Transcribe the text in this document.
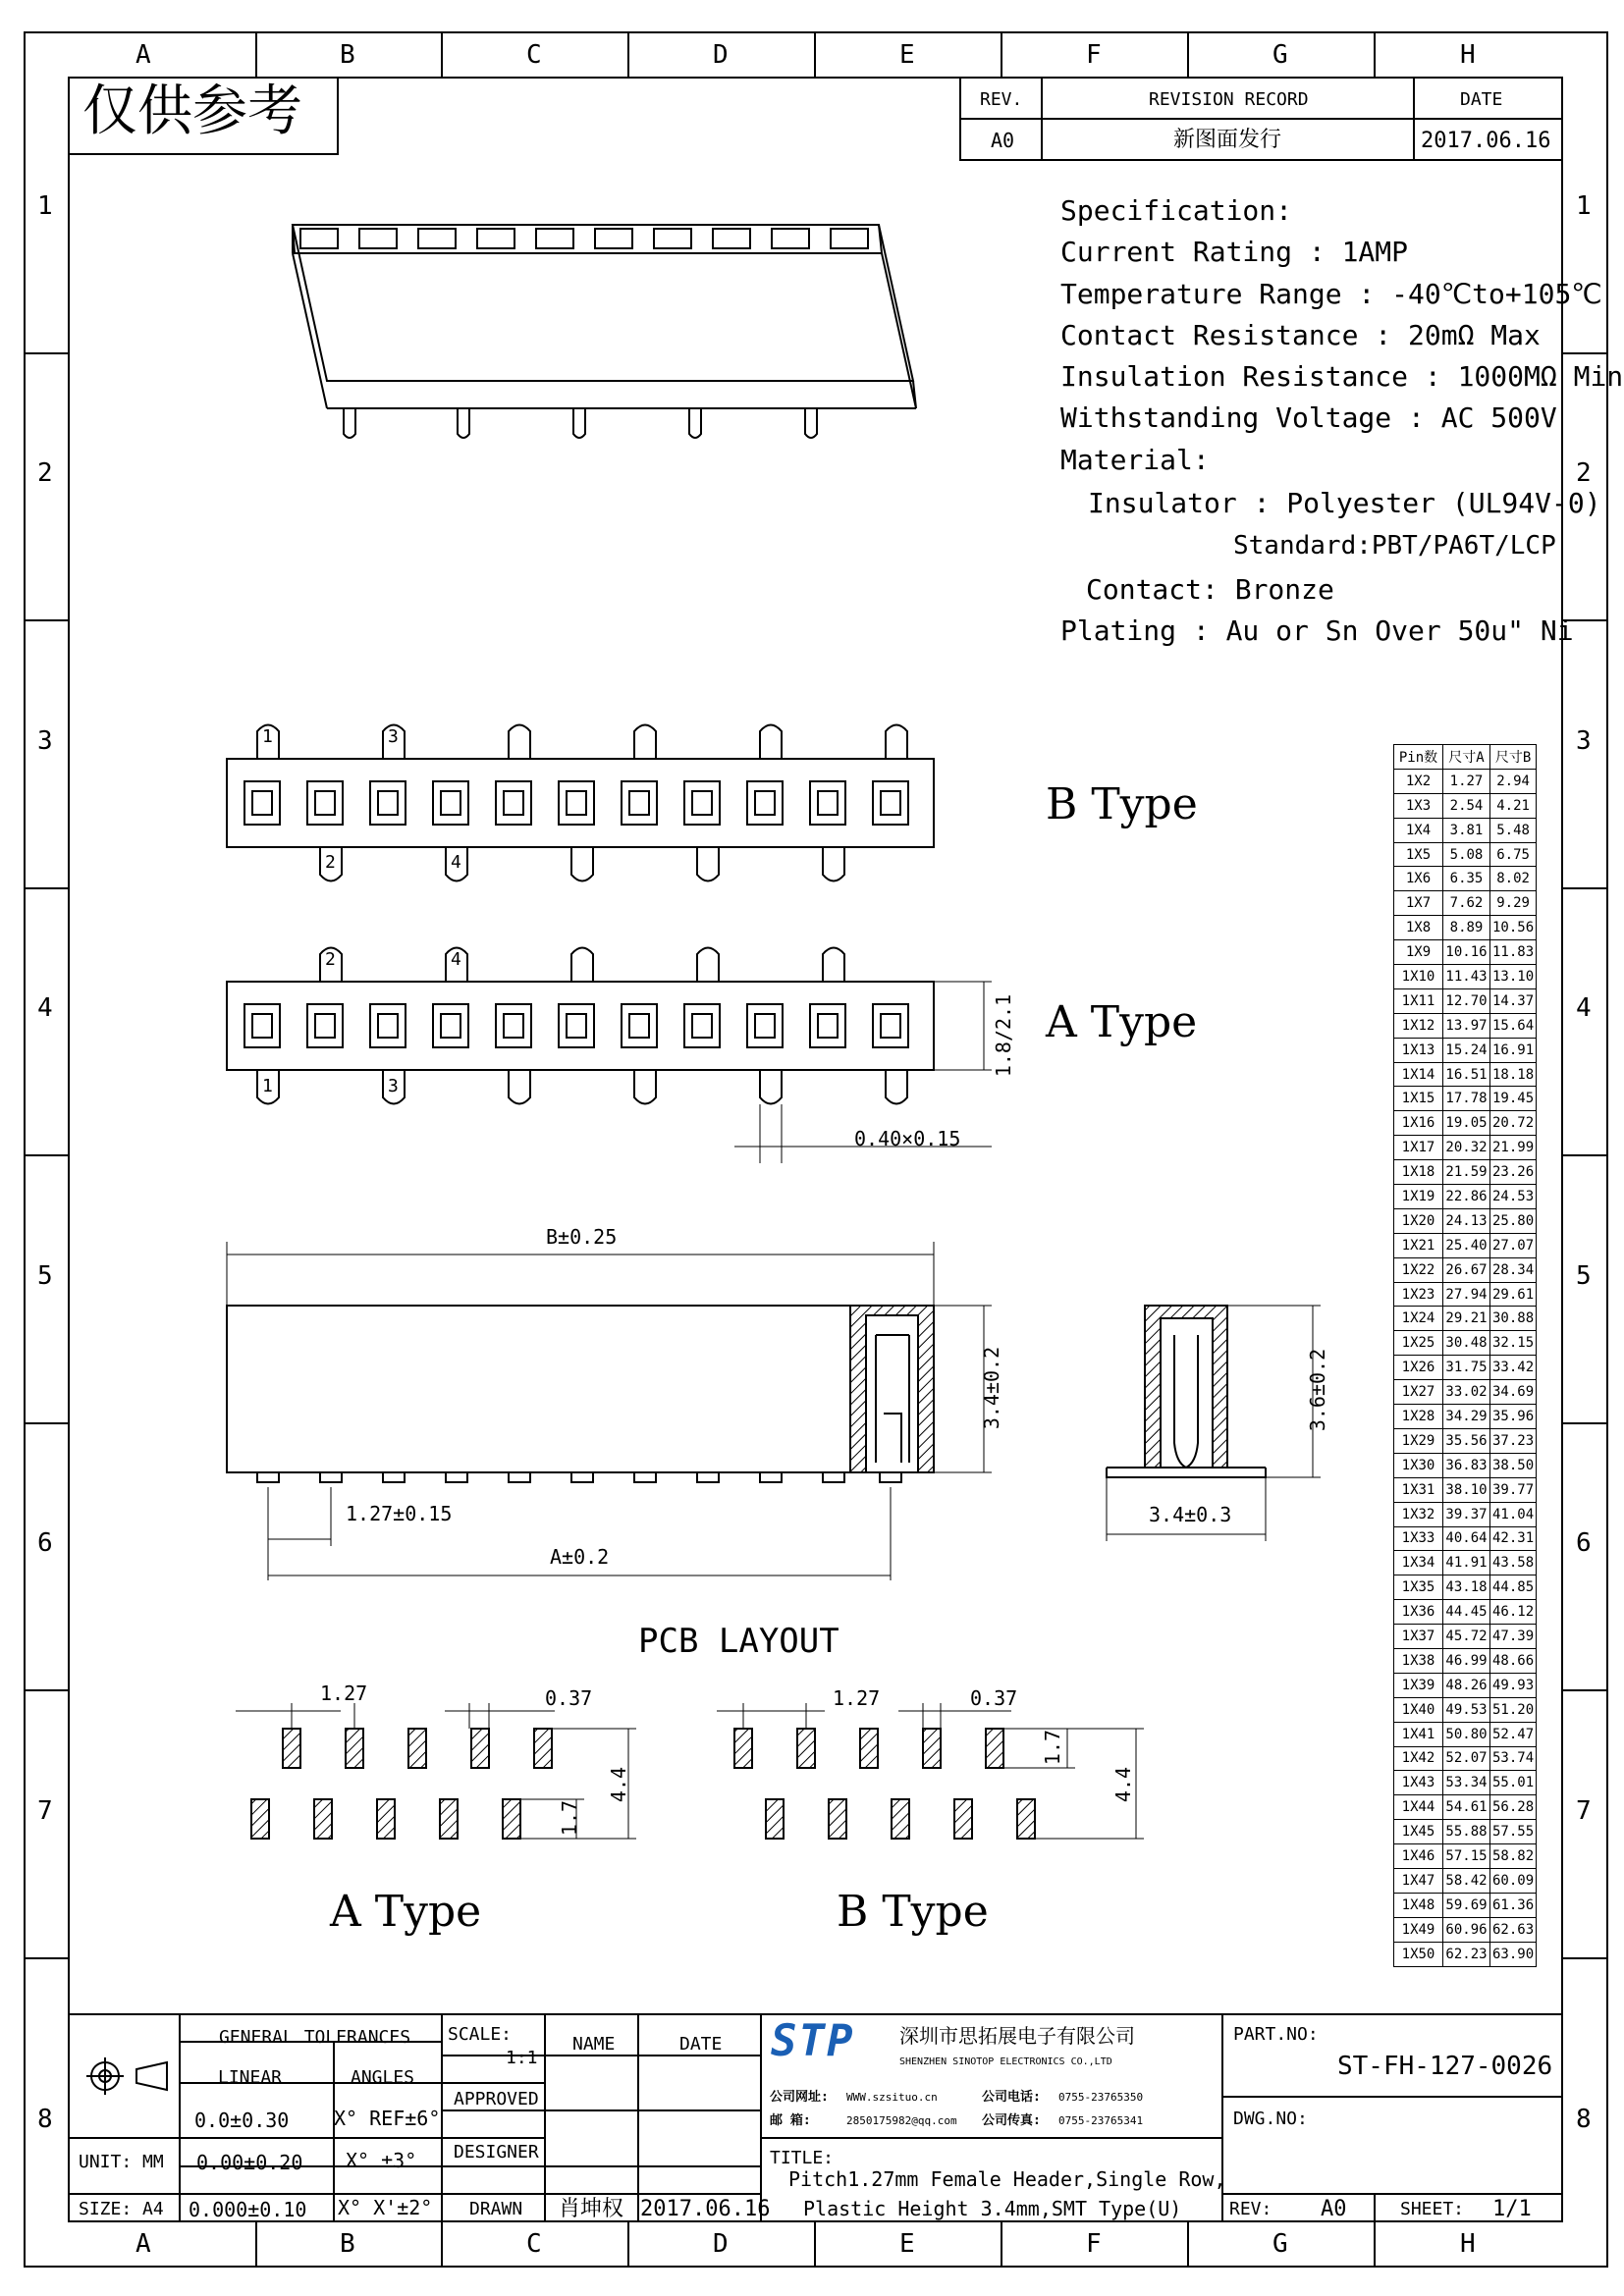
A	B	C	D	E	F	G	H
A	B	C	D	E	F	G	H
1
2
3
4
5
6
7
8
1
2
3
4
5
6
7
8
仅供参考	REV.	REVISION RECORD	DATE
A0	新图面发行	2017.06.16
Specification:
Current Rating : 1AMP
Temperature Range : -40℃to+105℃
Contact Resistance : 20mΩ Max
Insulation Resistance : 1000MΩ Min
Withstanding Voltage : AC 500V
Material:
Insulator : Polyester (UL94V-0)
Standard:PBT/PA6T/LCP
Contact: Bronze
Plating : Au or Sn Over 50u" Ni
B Type
A Type
A Type	B Type
PCB LAYOUT
1	3
2	4
2	4
1	3
1.8/2.1
0.40×0.15
B±0.25
3.4±0.2
1.27±0.15
A±0.2
3.6±0.2
3.4±0.3
1.27	0.37
1.7
4.4
1.27	0.37
1.7
4.4
Pin数	尺寸A	尺寸B
1X2	1.27	2.94
1X3	2.54	4.21
1X4	3.81	5.48
1X5	5.08	6.75
1X6	6.35	8.02
1X7	7.62	9.29
1X8	8.89	10.56
1X9	10.16	11.83
1X10	11.43	13.10
1X11	12.70	14.37
1X12	13.97	15.64
1X13	15.24	16.91
1X14	16.51	18.18
1X15	17.78	19.45
1X16	19.05	20.72
1X17	20.32	21.99
1X18	21.59	23.26
1X19	22.86	24.53
1X20	24.13	25.80
1X21	25.40	27.07
1X22	26.67	28.34
1X23	27.94	29.61
1X24	29.21	30.88
1X25	30.48	32.15
1X26	31.75	33.42
1X27	33.02	34.69
1X28	34.29	35.96
1X29	35.56	37.23
1X30	36.83	38.50
1X31	38.10	39.77
1X32	39.37	41.04
1X33	40.64	42.31
1X34	41.91	43.58
1X35	43.18	44.85
1X36	44.45	46.12
1X37	45.72	47.39
1X38	46.99	48.66
1X39	48.26	49.93
1X40	49.53	51.20
1X41	50.80	52.47
1X42	52.07	53.74
1X43	53.34	55.01
1X44	54.61	56.28
1X45	55.88	57.55
1X46	57.15	58.82
1X47	58.42	60.09
1X48	59.69	61.36
1X49	60.96	62.63
1X50	62.23	63.90
GENERAL TOLERANCES
LINEAR	ANGLES
0.0±0.30 X° REF±6°
UNIT: MM 0.00±0.20 X° ±3°
SIZE: A4 0.000±0.10 X° X'±2°
SCALE:
1:1
NAME	DATE
APPROVED
DESIGNER
DRAWN 肖坤权 2017.06.16
STP 深圳市思拓展电子有限公司
SHENZHEN SINOTOP ELECTRONICS CO.,LTD
公司网址: WWW.szsituo.cn	公司电话: 0755-23765350
邮 箱:	2850175982@qq.com 公司传真: 0755-23765341
TITLE:
Pitch1.27mm Female Header,Single Row,
Plastic Height 3.4mm,SMT Type(U)
PART.NO:
ST-FH-127-0026
DWG.NO:
REV: A0	SHEET: 1/1
